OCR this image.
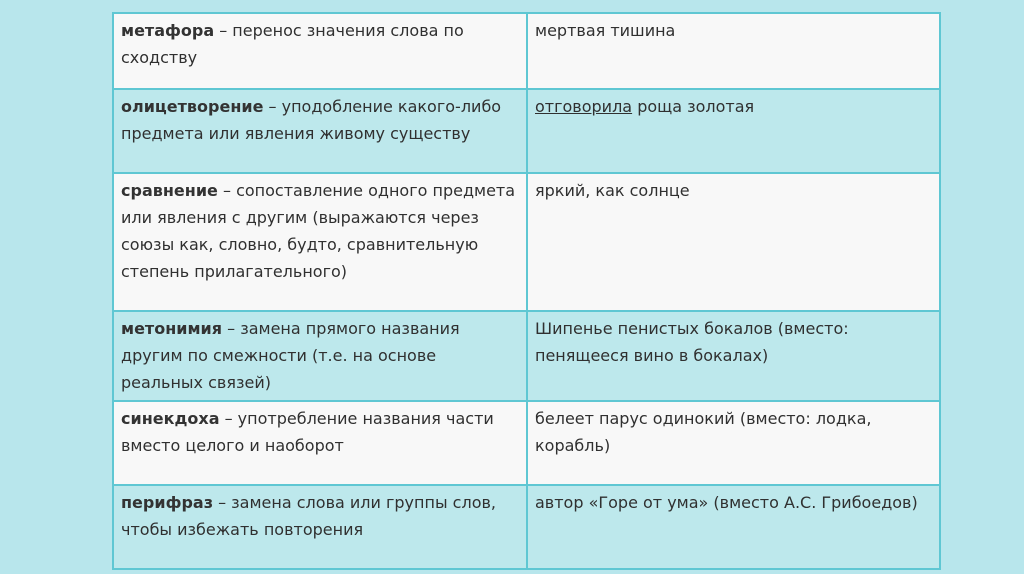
метафора – перенос значения слова по сходству	мертвая тишина
олицетворение – уподобление какого-либо предмета или явления живому существу	отговорила роща золотая
сравнение – сопоставление одного предмета или явления с другим (выражаются через союзы как, словно, будто, сравнительную степень прилагательного)	яркий, как солнце
метонимия – замена прямого названия другим по смежности (т.е. на основе реальных связей)	Шипенье пенистых бокалов (вместо: пенящееся вино в бокалах)
синекдоха – употребление названия части вместо целого и наоборот	белеет парус одинокий (вместо: лодка, корабль)
перифраз – замена слова или группы слов, чтобы избежать повторения	автор «Горе от ума» (вместо А.С. Грибоедов)
